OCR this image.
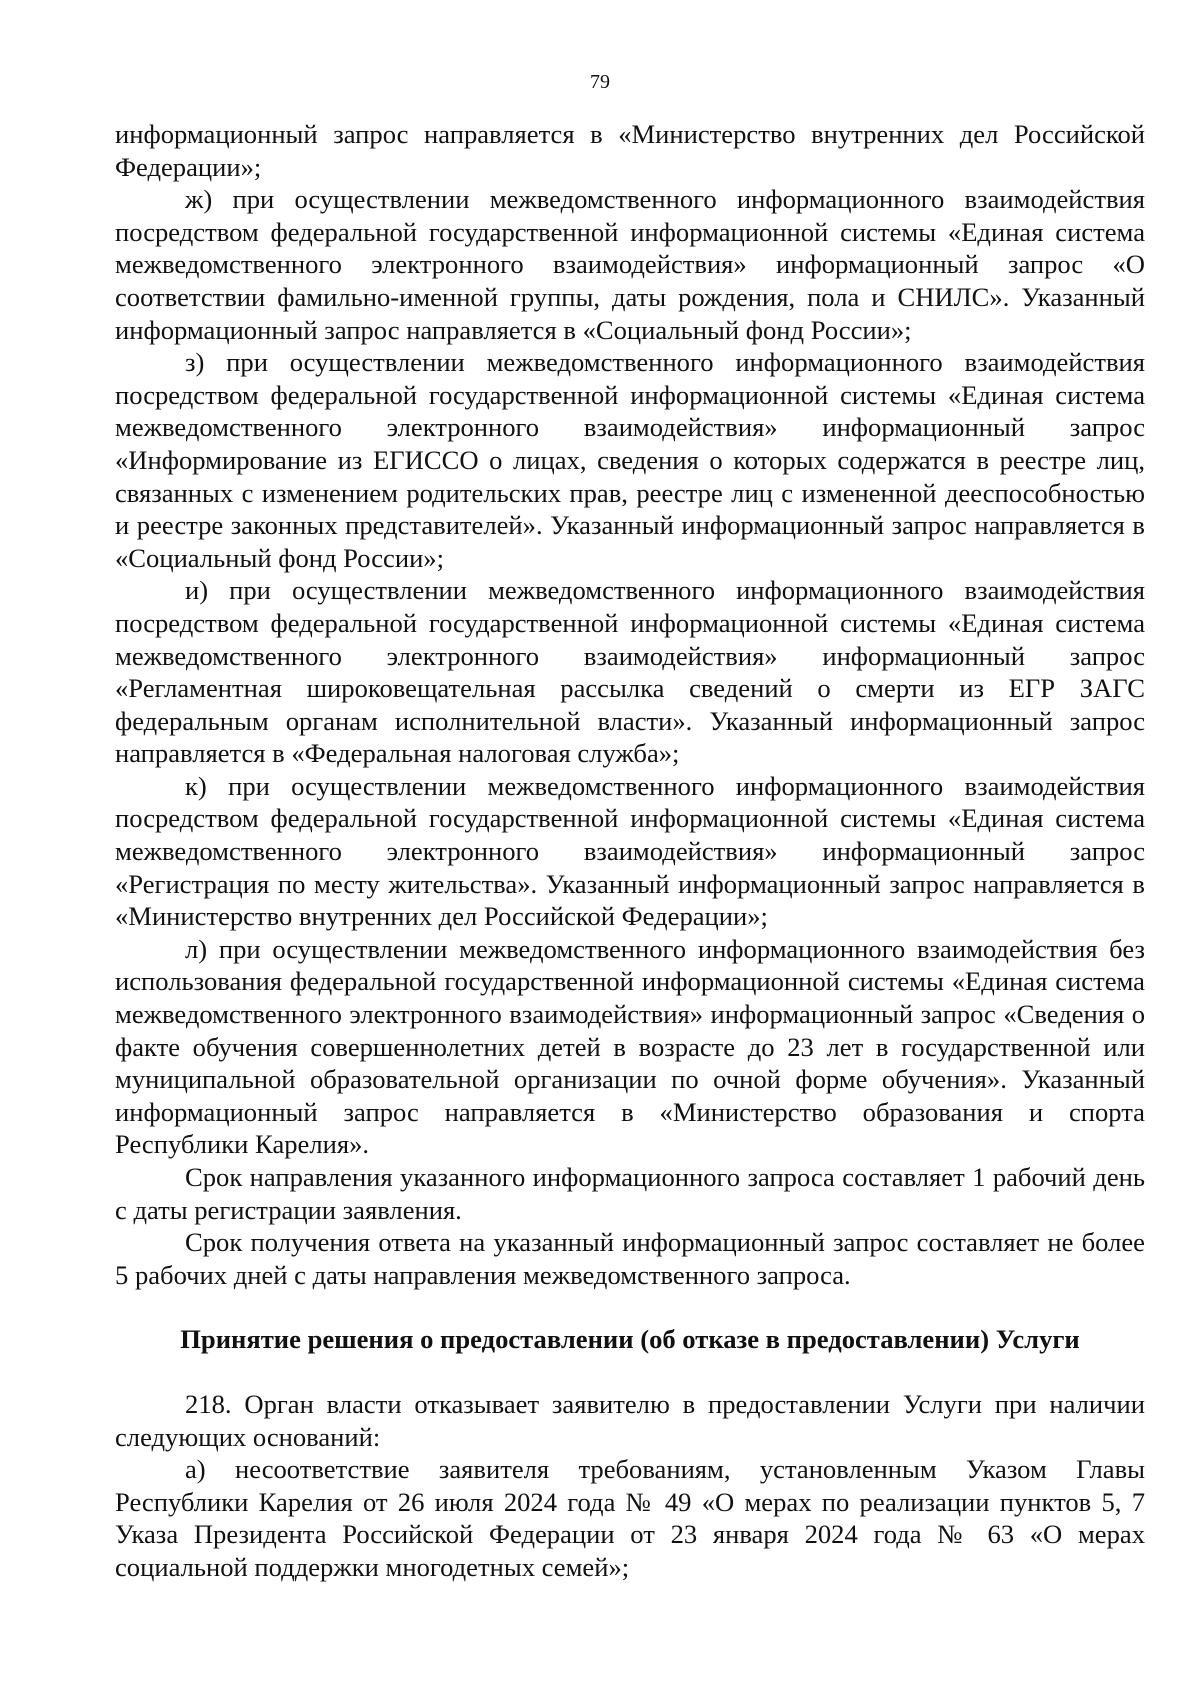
79

информационный запрос направляется в «Министерство внутренних дел Российской Федерации»;

ж) при осуществлении межведомственного информационного взаимодействия посредством федеральной государственной информационной системы «Единая система межведомственного электронного взаимодействия» информационный запрос «О соответствии фамильно-именной группы, даты рождения, пола и СНИЛС». Указанный информационный запрос направляется в «Социальный фонд России»;

з) при осуществлении межведомственного информационного взаимодействия посредством федеральной государственной информационной системы «Единая система межведомственного электронного взаимодействия» информационный запрос «Информирование из ЕГИССО о лицах, сведения о которых содержатся в реестре лиц, связанных с изменением родительских прав, реестре лиц с измененной дееспособностью и реестре законных представителей». Указанный информационный запрос направляется в «Социальный фонд России»;

и) при осуществлении межведомственного информационного взаимодействия посредством федеральной государственной информационной системы «Единая система межведомственного электронного взаимодействия» информационный запрос «Регламентная широковещательная рассылка сведений о смерти из ЕГР ЗАГС федеральным органам исполнительной власти». Указанный информационный запрос направляется в «Федеральная налоговая служба»;

к) при осуществлении межведомственного информационного взаимодействия посредством федеральной государственной информационной системы «Единая система межведомственного электронного взаимодействия» информационный запрос «Регистрация по месту жительства». Указанный информационный запрос направляется в «Министерство внутренних дел Российской Федерации»;

л) при осуществлении межведомственного информационного взаимодействия без использования федеральной государственной информационной системы «Единая система межведомственного электронного взаимодействия» информационный запрос «Сведения о факте обучения совершеннолетних детей в возрасте до 23 лет в государственной или муниципальной образовательной организации по очной форме обучения». Указанный информационный запрос направляется в «Министерство образования и спорта Республики Карелия».

Срок направления указанного информационного запроса составляет 1 рабочий день с даты регистрации заявления.

Срок получения ответа на указанный информационный запрос составляет не более 5 рабочих дней с даты направления межведомственного запроса.

Принятие решения о предоставлении (об отказе в предоставлении) Услуги

218. Орган власти отказывает заявителю в предоставлении Услуги при наличии следующих оснований:

а) несоответствие заявителя требованиям, установленным Указом Главы Республики Карелия от 26 июля 2024 года № 49 «О мерах по реализации пунктов 5, 7 Указа Президента Российской Федерации от 23 января 2024 года № 63 «О мерах социальной поддержки многодетных семей»;
